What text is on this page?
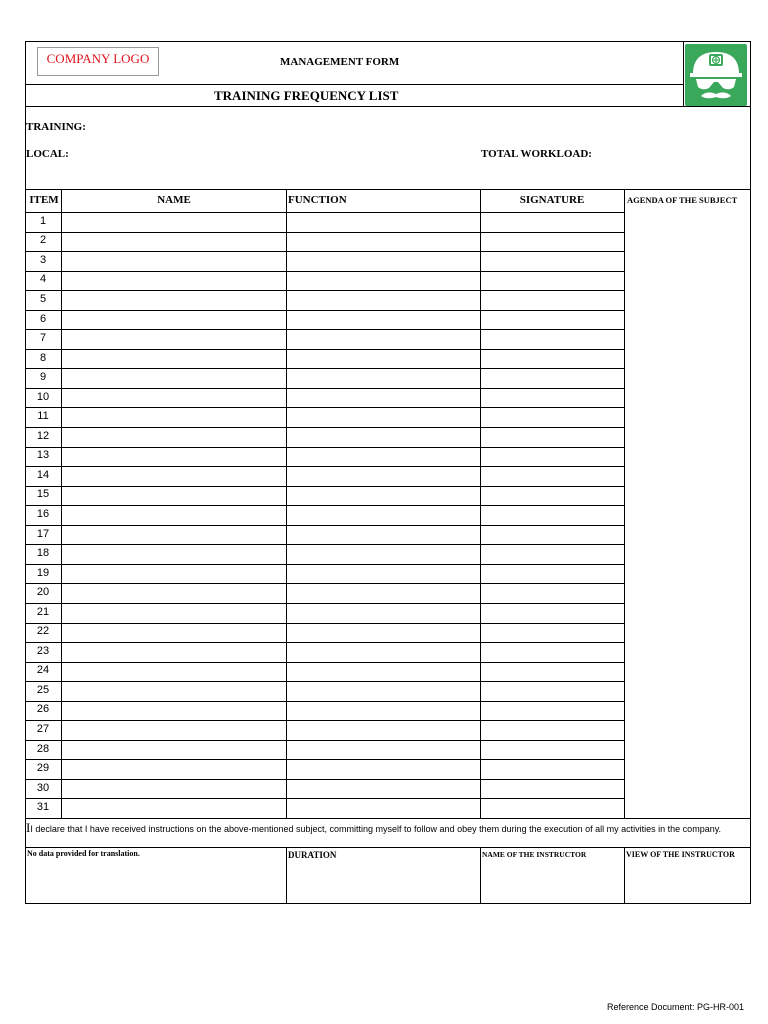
COMPANY LOGO	MANAGEMENT FORM
TRAINING FREQUENCY LIST
TRAINING:
LOCAL:	TOTAL WORKLOAD:
ITEM	NAME	FUNCTION	SIGNATURE	AGENDA OF THE SUBJECT
1
2
3
4
5
6
7
8
9
10
11
12
13
14
15
16
17
18
19
20
21
22
23
24
25
26
27
28
29
30
31
II declare that I have received instructions on the above-mentioned subject, committing myself to follow and obey them during the execution of all my activities in the company.
No data provided for translation.	DURATION	NAME OF THE INSTRUCTOR	VIEW OF THE INSTRUCTOR
Reference Document: PG-HR-001
